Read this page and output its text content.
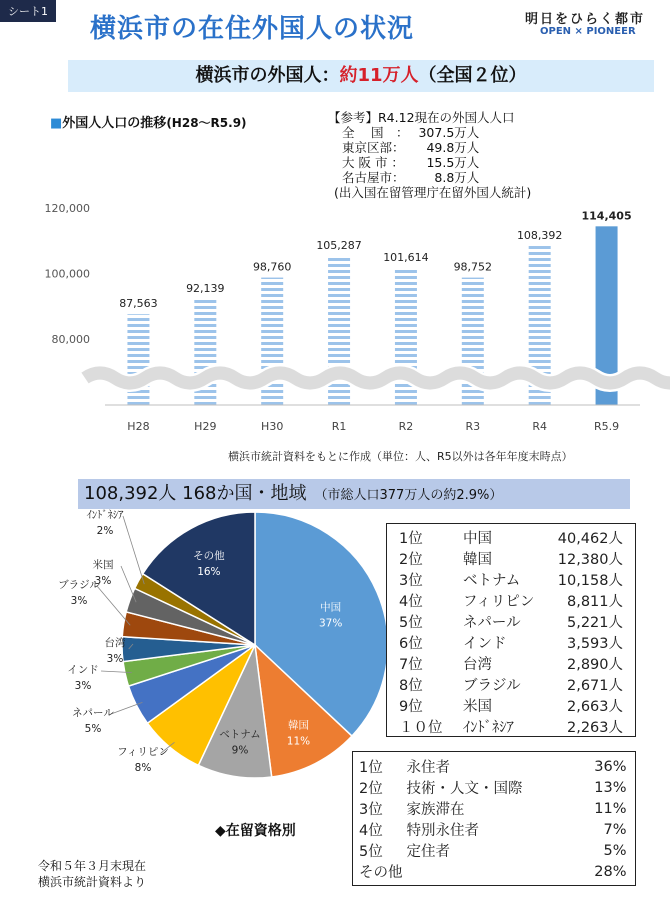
シート1
横浜市の在住外国人の状況	明日をひらく都市
OPEN × PIONEER
横浜市の外国人：約11万人（全国２位）
■外国人人口の推移(H28～R5.9)	【参考】R4.12現在の外国人人口
全　 国　：	307.5万人
東京区部：	49.8万人
大 阪 市 ：	15.5万人
名古屋市：	8.8万人
(出入国在留管理庁在留外国人統計)
120,000
100,000
80,000
87,563
H28
92,139
H29
98,760
H30
105,287
R1
101,614
R2
98,752
R3
108,392
R4
114,405
R5.9
中国
37%
韓国
11%
ベトナム
9%
フィリピン
8%
ネパール
5%
インド
3%
台湾
3%
ブラジル
3%
米国
3%
ｲﾝﾄﾞﾈｼｱ
2%
その他
16%
横浜市統計資料をもとに作成（単位：人、R5以外は各年年度末時点）
108,392人 168か国・地域 （市総人口377万人の約2.9%）
1位	中国	40,462人
2位	韓国	12,380人
3位	ベトナム	10,158人
4位	フィリピン	8,811人
5位	ネパール	5,221人
6位	インド	3,593人
7位	台湾	2,890人
8位	ブラジル	2,671人
9位	米国	2,663人
１０位	ｲﾝﾄﾞﾈｼｱ	2,263人
◆在留資格別
1位	永住者	36%
2位	技術・人文・国際	13%
3位	家族滞在	11%
4位	特別永住者	7%
5位	定住者	5%
その他		28%
令和５年３月末現在
横浜市統計資料より
